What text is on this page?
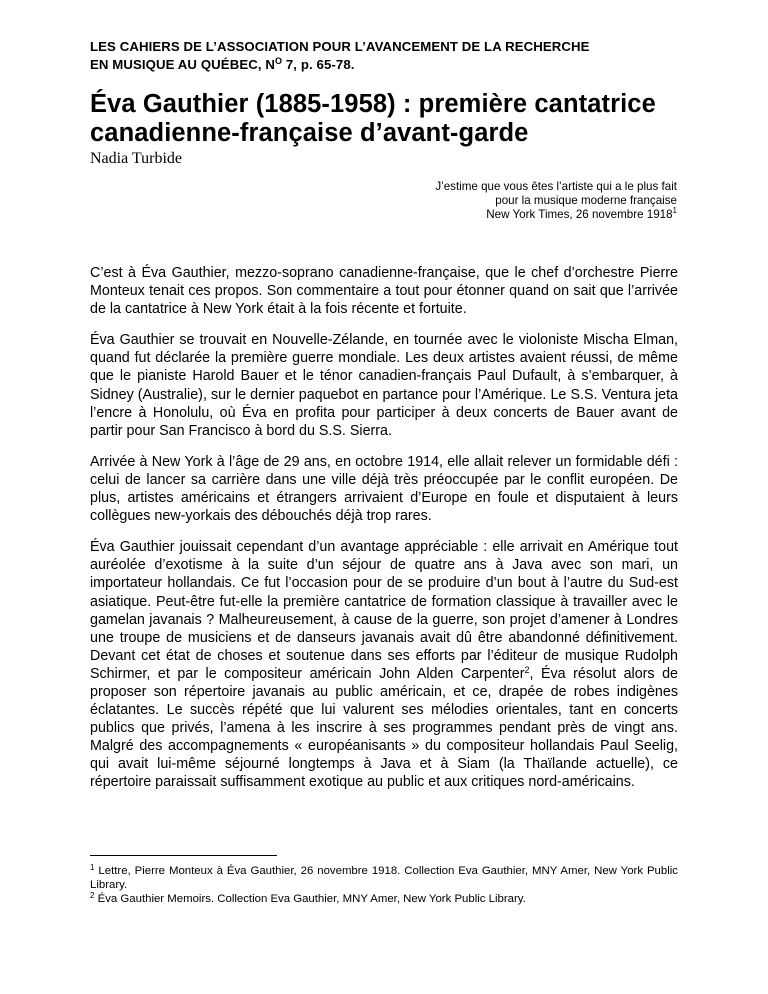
LES CAHIERS DE L’ASSOCIATION POUR L’AVANCEMENT DE LA RECHERCHE
EN MUSIQUE AU QUÉBEC, $N^O$ 7, p. 65-78.
Éva Gauthier (1885-1958) : première cantatrice
canadienne-française d’avant-garde
Nadia Turbide
J’estime que vous êtes l’artiste qui a le plus fait
pour la musique moderne française
New York Times, 26 novembre 1918$^1$

C’est à Éva Gauthier, mezzo-soprano canadienne-française, que le chef d’orchestre Pierre Monteux tenait ces propos. Son commentaire a tout pour étonner quand on sait que l’arrivée de la cantatrice à New York était à la fois récente et fortuite.

Éva Gauthier se trouvait en Nouvelle-Zélande, en tournée avec le violoniste Mischa Elman, quand fut déclarée la première guerre mondiale. Les deux artistes avaient réussi, de même que le pianiste Harold Bauer et le ténor canadien-français Paul Dufault, à s’embarquer, à Sidney (Australie), sur le dernier paquebot en partance pour l’Amérique. Le S.S. Ventura jeta l’encre à Honolulu, où Éva en profita pour participer à deux concerts de Bauer avant de partir pour San Francisco à bord du S.S. Sierra.

Arrivée à New York à l’âge de 29 ans, en octobre 1914, elle allait relever un formidable défi : celui de lancer sa carrière dans une ville déjà très préoccupée par le conflit européen. De plus, artistes américains et étrangers arrivaient d’Europe en foule et disputaient à leurs collègues new-yorkais des débouchés déjà trop rares.

Éva Gauthier jouissait cependant d’un avantage appréciable : elle arrivait en Amérique tout auréolée d’exotisme à la suite d’un séjour de quatre ans à Java avec son mari, un importateur hollandais. Ce fut l’occasion pour de se produire d’un bout à l’autre du Sud-est asiatique. Peut-être fut-elle la première cantatrice de formation classique à travailler avec le gamelan javanais ? Malheureusement, à cause de la guerre, son projet d’amener à Londres une troupe de musiciens et de danseurs javanais avait dû être abandonné définitivement. Devant cet état de choses et soutenue dans ses efforts par l’éditeur de musique Rudolph Schirmer, et par le compositeur américain John Alden Carpenter$^2$, Éva résolut alors de proposer son répertoire javanais au public américain, et ce, drapée de robes indigènes éclatantes. Le succès répété que lui valurent ses mélodies orientales, tant en concerts publics que privés, l’amena à les inscrire à ses programmes pendant près de vingt ans. Malgré des accompagnements « européanisants » du compositeur hollandais Paul Seelig, qui avait lui-même séjourné longtemps à Java et à Siam (la Thaïlande actuelle), ce répertoire paraissait suffisamment exotique au public et aux critiques nord-américains.

$^1$ Lettre, Pierre Monteux à Éva Gauthier, 26 novembre 1918. Collection Eva Gauthier, MNY Amer, New York Public Library.

$^2$ Éva Gauthier Memoirs. Collection Eva Gauthier, MNY Amer, New York Public Library.
